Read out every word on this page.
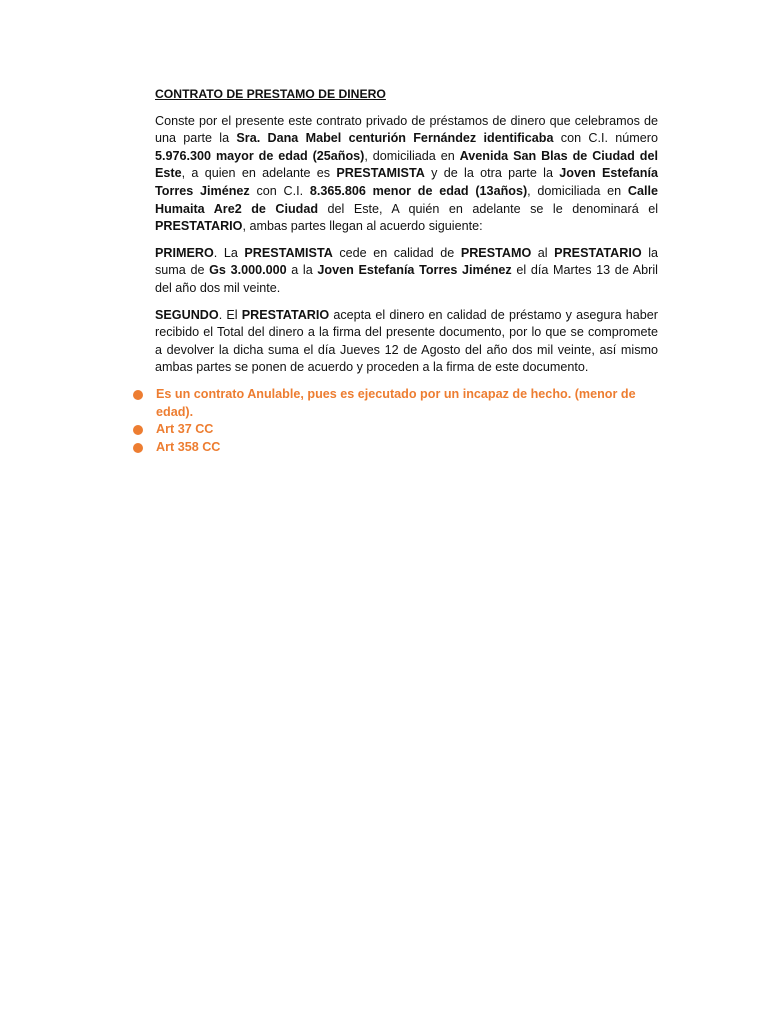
CONTRATO DE PRESTAMO DE DINERO

Conste por el presente este contrato privado de préstamos de dinero que celebramos de una parte la Sra. Dana Mabel centurión Fernández identificaba con C.I. número 5.976.300 mayor de edad (25años), domiciliada en Avenida San Blas de Ciudad del Este, a quien en adelante es PRESTAMISTA y de la otra parte la Joven Estefanía Torres Jiménez con C.I. 8.365.806 menor de edad (13años), domiciliada en Calle Humaita Are2 de Ciudad del Este, A quién en adelante se le denominará el PRESTATARIO, ambas partes llegan al acuerdo siguiente:

PRIMERO. La PRESTAMISTA cede en calidad de PRESTAMO al PRESTATARIO la suma de Gs 3.000.000 a la Joven Estefanía Torres Jiménez el día Martes 13 de Abril del año dos mil veinte.

SEGUNDO. El PRESTATARIO acepta el dinero en calidad de préstamo y asegura haber recibido el Total del dinero a la firma del presente documento, por lo que se compromete a devolver la dicha suma el día Jueves 12 de Agosto del año dos mil veinte, así mismo ambas partes se ponen de acuerdo y proceden a la firma de este documento.

Es un contrato Anulable, pues es ejecutado por un incapaz de hecho. (menor de edad).
Art 37 CC
Art 358 CC
